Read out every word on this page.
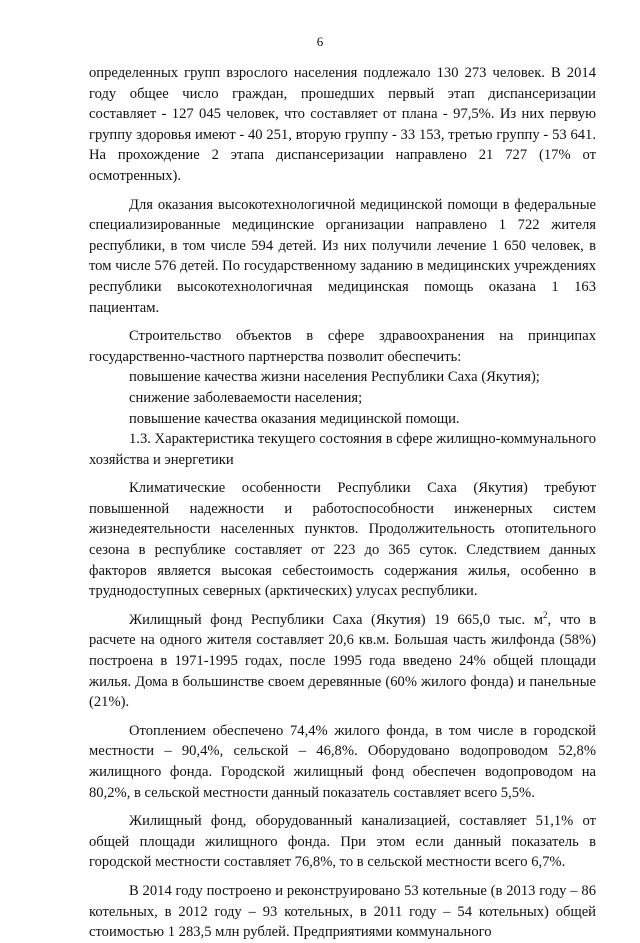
6

определенных групп взрослого населения подлежало 130 273 человек. В 2014 году общее число граждан, прошедших первый этап диспансеризации составляет - 127 045 человек, что составляет от плана - 97,5%. Из них первую группу здоровья имеют - 40 251, вторую группу - 33 153, третью группу - 53 641. На прохождение 2 этапа диспансеризации направлено 21 727 (17% от осмотренных).

Для оказания высокотехнологичной медицинской помощи в федеральные специализированные медицинские организации направлено 1 722 жителя республики, в том числе 594 детей. Из них получили лечение 1 650 человек, в том числе 576 детей. По государственному заданию в медицинских учреждениях республики высокотехнологичная медицинская помощь оказана 1 163 пациентам.

Строительство объектов в сфере здравоохранения на принципах государственно-частного партнерства позволит обеспечить:

повышение качества жизни населения Республики Саха (Якутия);

снижение заболеваемости населения;

повышение качества оказания медицинской помощи.

1.3. Характеристика текущего состояния в сфере жилищно-коммунального хозяйства и энергетики

Климатические особенности Республики Саха (Якутия) требуют повышенной надежности и работоспособности инженерных систем жизнедеятельности населенных пунктов. Продолжительность отопительного сезона в республике составляет от 223 до 365 суток. Следствием данных факторов является высокая себестоимость содержания жилья, особенно в труднодоступных северных (арктических) улусах республики.

Жилищный фонд Республики Саха (Якутия) 19 665,0 тыс. $м^2$, что в расчете на одного жителя составляет 20,6 кв.м. Большая часть жилфонда (58%) построена в 1971-1995 годах, после 1995 года введено 24% общей площади жилья. Дома в большинстве своем деревянные (60% жилого фонда) и панельные (21%).

Отоплением обеспечено 74,4% жилого фонда, в том числе в городской местности – 90,4%, сельской – 46,8%. Оборудовано водопроводом 52,8% жилищного фонда. Городской жилищный фонд обеспечен водопроводом на 80,2%, в сельской местности данный показатель составляет всего 5,5%.

Жилищный фонд, оборудованный канализацией, составляет 51,1% от общей площади жилищного фонда. При этом если данный показатель в городской местности составляет 76,8%, то в сельской местности всего 6,7%.

В 2014 году построено и реконструировано 53 котельные (в 2013 году – 86 котельных, в 2012 году – 93 котельных, в 2011 году – 54 котельных) общей стоимостью 1 283,5 млн рублей. Предприятиями коммунального
